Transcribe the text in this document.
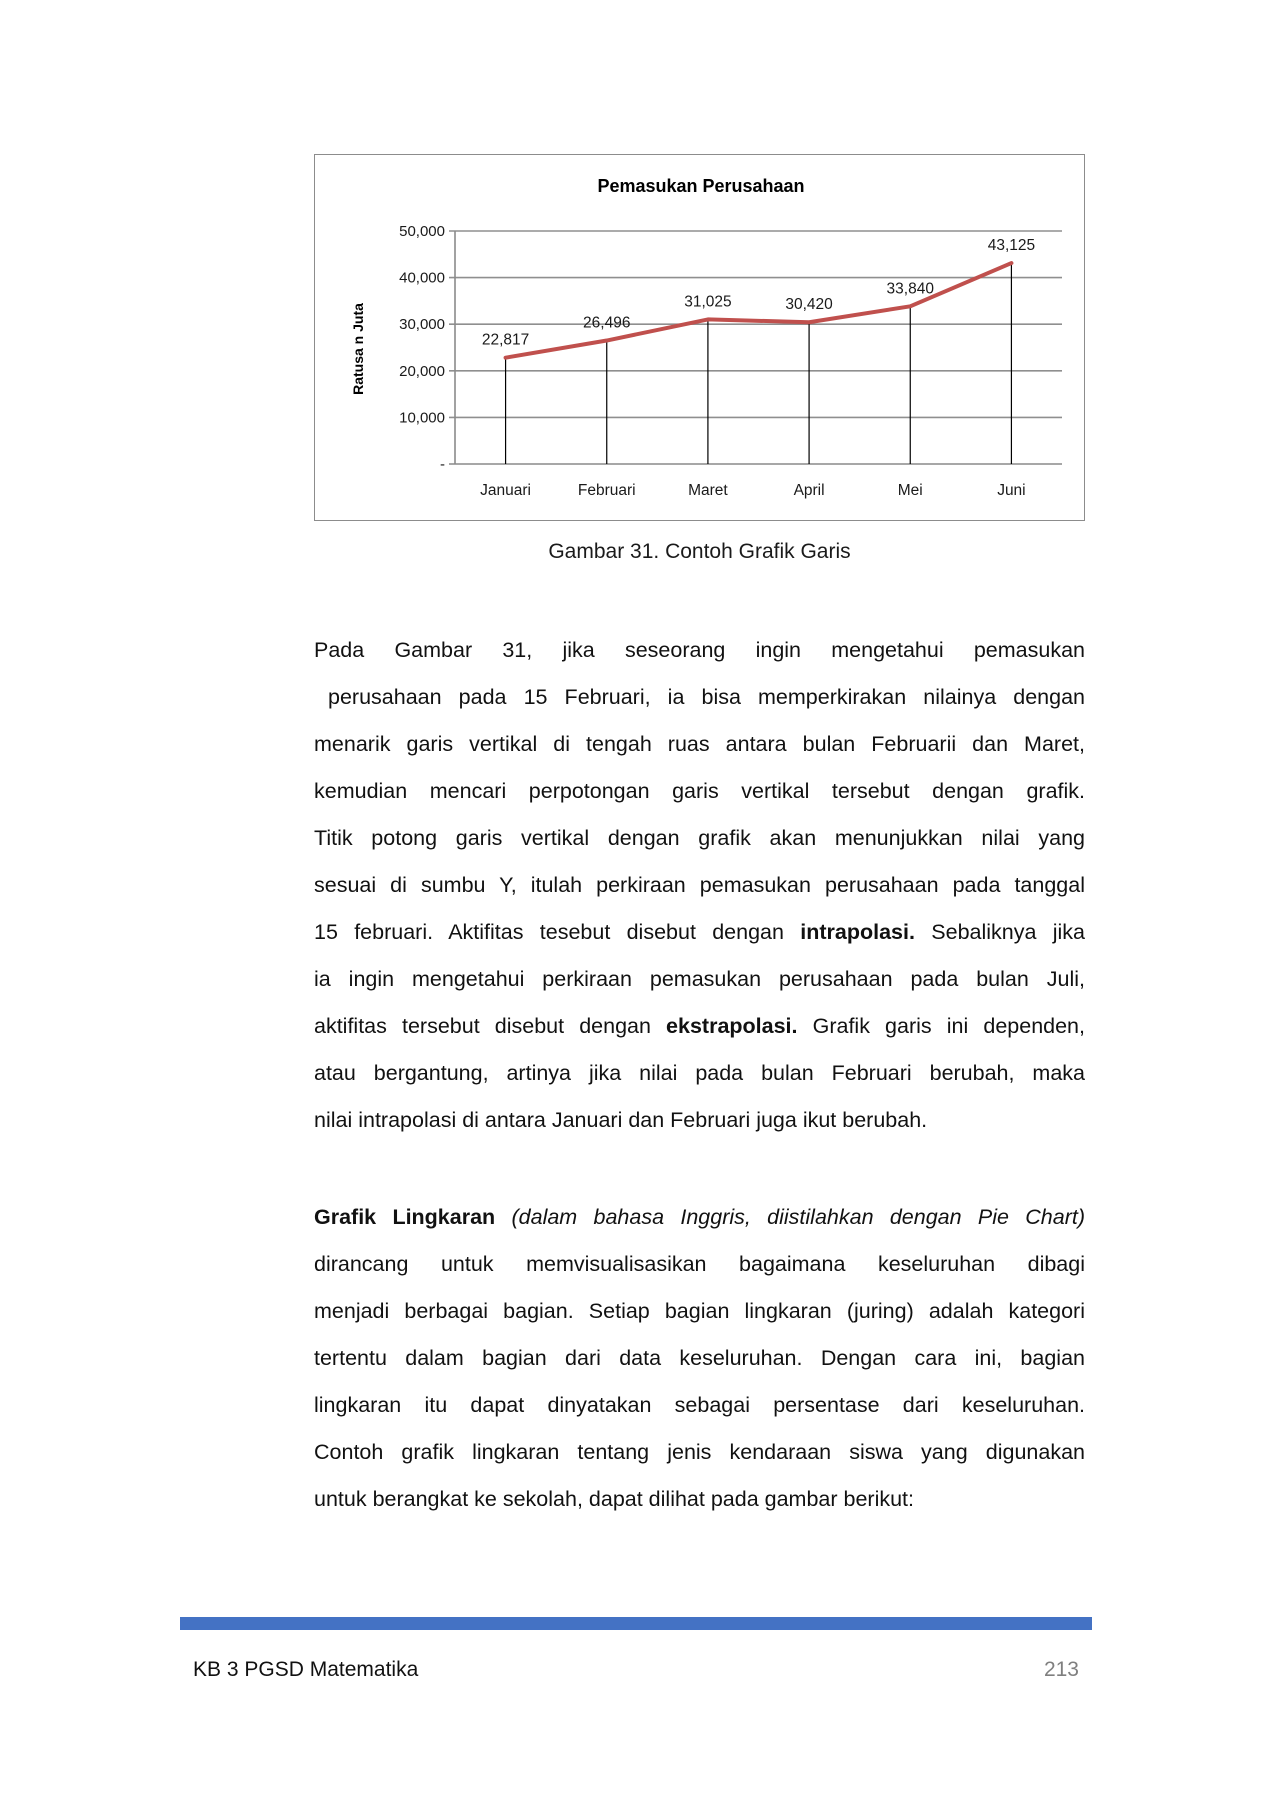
Pemasukan Perusahaan
Ratusa n Juta
-
10,000
20,000
30,000
40,000
50,000
22,817
26,496
31,025	30,420
33,840
43,125
Januari	Februari	Maret	April	Mei	Juni
Gambar 31. Contoh Grafik Garis
Pada Gambar 31, jika seseorang ingin mengetahui pemasukan
perusahaan pada 15 Februari, ia bisa memperkirakan nilainya dengan
menarik garis vertikal di tengah ruas antara bulan Februarii dan Maret,
kemudian mencari perpotongan garis vertikal tersebut dengan grafik.
Titik potong garis vertikal dengan grafik akan menunjukkan nilai yang
sesuai di sumbu Y, itulah perkiraan pemasukan perusahaan pada tanggal
15 februari. Aktifitas tesebut disebut dengan intrapolasi. Sebaliknya jika
ia ingin mengetahui perkiraan pemasukan perusahaan pada bulan Juli,
aktifitas tersebut disebut dengan ekstrapolasi. Grafik garis ini dependen,
atau bergantung, artinya jika nilai pada bulan Februari berubah, maka
nilai intrapolasi di antara Januari dan Februari juga ikut berubah.
Grafik Lingkaran (dalam bahasa Inggris, diistilahkan dengan Pie Chart)
dirancang untuk memvisualisasikan bagaimana keseluruhan dibagi
menjadi berbagai bagian. Setiap bagian lingkaran (juring) adalah kategori
tertentu dalam bagian dari data keseluruhan. Dengan cara ini, bagian
lingkaran itu dapat dinyatakan sebagai persentase dari keseluruhan.
Contoh grafik lingkaran tentang jenis kendaraan siswa yang digunakan
untuk berangkat ke sekolah, dapat dilihat pada gambar berikut:
KB 3 PGSD Matematika	213
